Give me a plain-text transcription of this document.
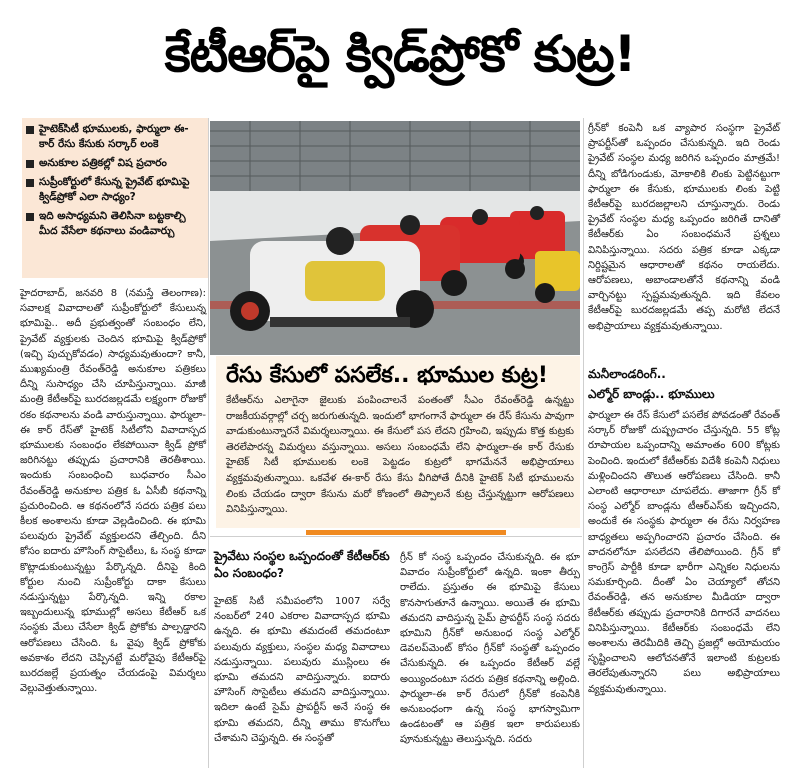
కేటీఆర్‌పై క్విడ్‌ప్రోకో కుట్ర!
హైటెక్‌సిటీ భూములకు, ఫార్ములా ఈ-కార్‌ రేసు కేసుకు సర్కార్‌ లంకె
అనుకూల పత్రికల్లో విష ప్రచారం
సుప్రీంకోర్టులో కేసున్న ప్రైవేట్‌ భూమిపై క్విడ్‌ప్రోకో ఎలా సాధ్యం?
ఇది అసాధ్యమని తెలిసినా బట్టకాల్చి మీద వేసేలా కథనాలు వండివార్చు
రేసు కేసులో పసలేక.. భూముల కుట్ర!
కేటీఆర్‌ను ఎలాగైనా జైలుకు పంపించాలనే పంతంతో సీఎం రేవంత్‌రెడ్డి ఉన్నట్టు రాజకీయవర్గాల్లో చర్చ జరుగుతున్నది. ఇందులో భాగంగానే ఫార్ములా ఈ రేస్‌ కేసును పావుగా వాడుకుంటున్నారనే విమర్శలున్నాయి. ఈ కేసులో పస లేదని గ్రహించి, ఇప్పుడు కొత్త కుట్రకు తెరలేపారన్న విమర్శలు వస్తున్నాయి. అసలు సంబంధమే లేని ఫార్ములా-ఈ కార్‌ రేసుకు హైటెక్‌ సిటీ భూములకు లంకె పెట్టడం కుట్రలో భాగమేననే అభిప్రాయాలు వ్యక్తమవుతున్నాయి. ఒకవేళ ఈ-కార్‌ రేసు కేసు వీగిపోతే దీనికి హైటెక్‌ సిటీ భూములను లింకు చేయడం ద్వారా కేసును మరో కోణంలో తిప్పాలనే కుట్ర చేస్తున్నట్టుగా ఆరోపణలు వినిపిస్తున్నాయి.
హైదరాబాద్‌, జనవరి 8 (నమస్తే తెలంగాణ): సవాలక్ష వివాదాలతో సుప్రీంకోర్టులో కేసులున్న భూమిపై.. అదీ ప్రభుత్వంతో సంబంధం లేని, ప్రైవేట్‌ వ్యక్తులకు చెందిన భూమిపై క్విడ్‌ప్రోకో (ఇచ్చి పుచ్చుకోవడం) సాధ్యమవుతుందా? కానీ, ముఖ్యమంత్రి రేవంత్‌రెడ్డి అనుకూల పత్రికలు దీన్ని సుసాధ్యం చేసి చూపిస్తున్నాయి. మాజీ మంత్రి కేటీఆర్‌పై బురదజల్లడమే లక్ష్యంగా రోజుకో రకం కథనాలను వండి వారుస్తున్నాయి. ఫార్ములా-ఈ కార్‌ రేస్‌తో హైటెక్‌ సిటీలోని వివాదాస్పద భూములకు సంబంధం లేకపోయినా క్విడ్‌ ప్రోకో జరిగినట్టు తప్పుడు ప్రచారానికి తెరతీశాయి. ఇందుకు సంబంధించి బుధవారం సీఎం రేవంత్‌రెడ్డి అనుకూల పత్రిక ఓ ఏసీబీ కథనాన్ని ప్రచురించింది. ఆ కథనంలోనే సదరు పత్రిక పలు కీలక అంశాలను కూడా వెల్లడించింది. ఈ భూమి పలువురు ప్రైవేట్‌ వ్యక్తులదని తేల్చింది. దీని కోసం ఐదారు హౌసింగ్‌ సొసైటీలు, ఓ సంస్థ కూడా కొట్లాడుకుంటున్నట్టు పేర్కొన్నది. దీనిపై కింది కోర్టుల నుంచి సుప్రీంకోర్టు దాకా కేసులు నడుస్తున్నట్టు పేర్కొన్నది. ఇన్ని రకాల ఇబ్బందులున్న భూముల్లో అసలు కేటీఆర్‌ ఒక సంస్థకు మేలు చేసేలా క్విడ్‌ ప్రోకోకు పాల్పడ్డారని ఆరోపణలు చేసింది. ఓ వైపు క్విడ్‌ ప్రోకోకు అవకాశం లేదని చెప్పినట్టే మరోవైపు కేటీఆర్‌పై బురదజల్లే ప్రయత్నం చేయడంపై విమర్శలు వెల్లువెత్తుతున్నాయి.
ప్రైవేటు సంస్థల ఒప్పందంతో కేటీఆర్‌కు ఏం సంబంధం?
హైటెక్‌ సిటీ సమీపంలోని 1007 సర్వే నంబర్‌లో 240 ఎకరాల వివాదాస్పద భూమి ఉన్నది. ఈ భూమి తమదంటే తమదంటూ పలువురు వ్యక్తులు, సంస్థల మధ్య వివాదాలు నడుస్తున్నాయి. పలువురు ముస్లింలు ఈ భూమి తమదని వాదిస్తున్నారు. ఐదారు హౌసింగ్‌ సొసైటీలు తమదని వాదిస్తున్నాయి. ఇదిలా ఉంటే సైమ్‌ ప్రాపర్టీస్‌ అనే సంస్థ ఈ భూమి తమదని, దీన్ని తాము కొనుగోలు చేశామని చెప్తున్నది. ఈ సంస్థతో
గ్రీన్‌ కో సంస్థ ఒప్పందం చేసుకున్నది. ఈ భూ వివాదం సుప్రీంకోర్టులో ఉన్నది. ఇంకా తీర్పు రాలేదు. ప్రస్తుతం ఈ భూమిపై కేసులు కొనసాగుతూనే ఉన్నాయి. అయితే ఈ భూమి తమదని వాదిస్తున్న సైమ్‌ ప్రాపర్టీస్‌ సంస్థ సదరు భూమిని గ్రీన్‌కో అనుబంధ సంస్థ ఎల్మోర్‌ డెవలప్‌మెంట్‌ కోసం గ్రీన్‌కో సంస్థతో ఒప్పందం చేసుకున్నది. ఈ ఒప్పందం కేటీఆర్‌ వల్లే అయ్యిందంటూ సదరు పత్రిక కథనాన్ని అల్లింది. ఫార్ములా-ఈ కార్‌ రేసులో గ్రీన్‌కో కంపెనీకి అనుబంధంగా ఉన్న సంస్థ భాగస్వామిగా ఉండటంతో ఆ పత్రిక ఇలా కారుపలుకు పూనుకున్నట్టు తెలుస్తున్నది. సదరు
గ్రీన్‌కో కంపెనీ ఒక వ్యాపార సంస్థగా ప్రైవేట్‌ ప్రాపర్టీస్‌తో ఒప్పందం చేసుకున్నది. ఇది రెండు ప్రైవేట్‌ సంస్థల మధ్య జరిగిన ఒప్పందం మాత్రమే! దీన్ని బోడిగుండుకు, మోకాలికి లింకు పెట్టినట్టుగా ఫార్ములా ఈ కేసుకు, భూములకు లింకు పెట్టి కేటీఆర్‌పై బురదజల్లాలని చూస్తున్నారు. రెండు ప్రైవేట్‌ సంస్థల మధ్య ఒప్పందం జరిగితే దానితో కేటీఆర్‌కు ఏం సంబంధమనే ప్రశ్నలు వినిపిస్తున్నాయి. సదరు పత్రిక కూడా ఎక్కడా నిర్దిష్టమైన ఆధారాలతో కథనం రాయలేదు. ఆరోపణలు, అబాండాలతోనే కథనాన్ని వండి వార్చినట్టు స్పష్టమవుతున్నది. ఇది కేవలం కేటీఆర్‌పై బురదజల్లడమే తప్ప మరోటి లేదనే అభిప్రాయాలు వ్యక్తమవుతున్నాయి.
మనీలాండరింగ్‌..
ఎల్మోర్‌ బాండ్లు.. భూములు
ఫార్ములా ఈ రేస్‌ కేసులో పసలేక పోవడంతో రేవంత్‌ సర్కార్‌ రోజుకో దుష్ప్రచారం చేస్తున్నది. 55 కోట్ల రూపాయల ఒప్పందాన్ని అమాంతం 600 కోట్లకు పెంచింది. ఇందులో కేటీఆర్‌కు విదేశీ కంపెనీ నిధులు మళ్లించిందని తొలుత ఆరోపణలు చేసింది. కానీ ఎలాంటి ఆధారాలూ చూపలేదు. తాజాగా గ్రీన్‌ కో సంస్థ ఎల్మోర్‌ బాండ్లను టీఆర్‌ఎస్‌కు ఇచ్చిందని, అందుకే ఈ సంస్థకు ఫార్ములా ఈ రేసు నిర్వహణ బాధ్యతలు అప్పగించారని ప్రచారం చేసింది. ఈ వాదనలోనూ పసలేదని తేలిపోయింది. గ్రీన్‌ కో కాంగ్రెస్‌ పార్టీకి కూడా భారీగా ఎన్నికల నిధులను సమకూర్చింది. దీంతో ఏం చెయ్యాలో తోచని రేవంత్‌రెడ్డి, తన అనుకూల మీడియా ద్వారా కేటీఆర్‌కు తప్పుడు ప్రచారానికి దిగారనే వాదనలు వినిపిస్తున్నాయి. కేటీఆర్‌కు సంబంధమే లేని అంశాలను తెరమీదికి తెచ్చి ప్రజల్లో అయోమయం సృష్టించాలని ఆలోచనతోనే ఇలాంటి కుట్రలకు తెరలేపుతున్నారని పలు అభిప్రాయాలు వ్యక్తమవుతున్నాయి.
